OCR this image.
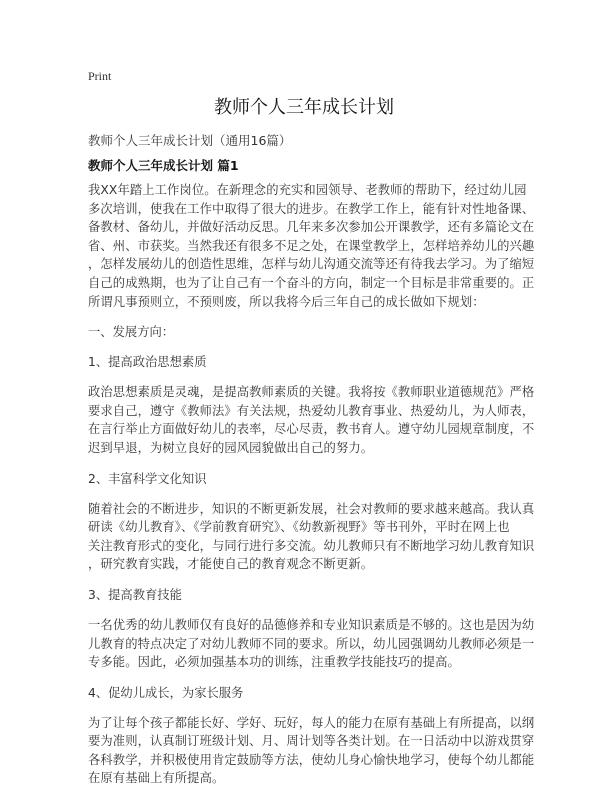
Print
教师个人三年成长计划
教师个人三年成长计划（通用16篇）
教师个人三年成长计划 篇1
我XX年踏上工作岗位。在新理念的充实和园领导、老教师的帮助下，经过幼儿园
多次培训，使我在工作中取得了很大的进步。在教学工作上，能有针对性地备课、
备教材、备幼儿，并做好活动反思。几年来多次参加公开课教学，还有多篇论文在
省、州、市获奖。当然我还有很多不足之处，在课堂教学上，怎样培养幼儿的兴趣
，怎样发展幼儿的创造性思维，怎样与幼儿沟通交流等还有待我去学习。为了缩短
自己的成熟期，也为了让自己有一个奋斗的方向，制定一个目标是非常重要的。正
所谓凡事预则立，不预则废，所以我将今后三年自己的成长做如下规划：
一、发展方向：
1、提高政治思想素质
政治思想素质是灵魂，是提高教师素质的关键。我将按《教师职业道德规范》严格
要求自己，遵守《教师法》有关法规，热爱幼儿教育事业、热爱幼儿，为人师表，
在言行举止方面做好幼儿的表率，尽心尽责，教书育人。遵守幼儿园规章制度，不
迟到早退，为树立良好的园风园貌做出自己的努力。
2、丰富科学文化知识
随着社会的不断进步，知识的不断更新发展，社会对教师的要求越来越高。我认真
研读《幼儿教育》、《学前教育研究》、《幼教新视野》等书刊外，平时在网上也
关注教育形式的变化，与同行进行多交流。幼儿教师只有不断地学习幼儿教育知识
，研究教育实践，才能使自己的教育观念不断更新。
3、提高教育技能
一名优秀的幼儿教师仅有良好的品德修养和专业知识素质是不够的。这也是因为幼
儿教育的特点决定了对幼儿教师不同的要求。所以，幼儿园强调幼儿教师必须是一
专多能。因此，必须加强基本功的训练，注重教学技能技巧的提高。
4、促幼儿成长，为家长服务
为了让每个孩子都能长好、学好、玩好，每人的能力在原有基础上有所提高，以纲
要为准则，认真制订班级计划、月、周计划等各类计划。在一日活动中以游戏贯穿
各科教学，并积极使用肯定鼓励等方法，使幼儿身心愉快地学习，使每个幼儿都能
在原有基础上有所提高。
